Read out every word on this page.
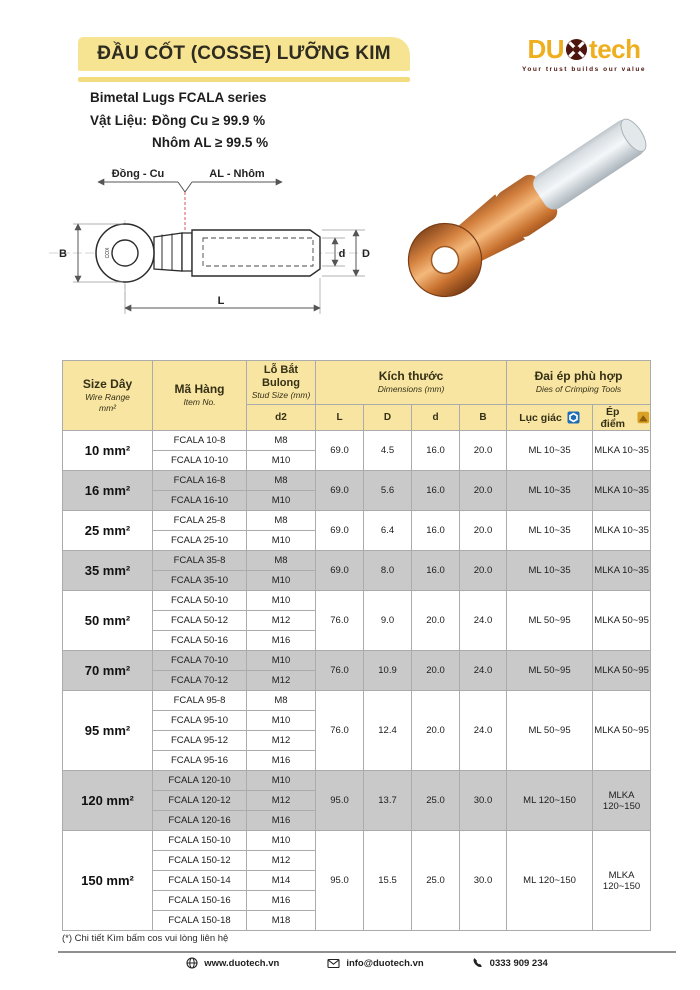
ĐẦU CỐT (COSSE) LƯỠNG KIM	DU tech
Your trust builds our value
Bimetal Lugs FCALA series
Vật Liệu: Đồng Cu ≥ 99.9 %
Nhôm AL ≥ 99.5 %
Đồng - Cu	AL - Nhôm
COX
B	d D
L
Size Dây
Wire Range
mm²

Mã Hàng
Item No.

Lỗ Bắt Bulong
Stud Size (mm)

Kích thước
Dimensions (mm)

Đai ép phù hợp
Dies of Crimping Tools

		d2	L	D	d	B	Lục giác	Ép điểm

10 mm²	FCALA 10-8	M8	69.0	4.5	16.0	20.0	ML 10~35	MLKA 10~35
	FCALA 10-10	M10						
16 mm²	FCALA 16-8	M8	69.0	5.6	16.0	20.0	ML 10~35	MLKA 10~35
	FCALA 16-10	M10						
25 mm²	FCALA 25-8	M8	69.0	6.4	16.0	20.0	ML 10~35	MLKA 10~35
	FCALA 25-10	M10						
35 mm²	FCALA 35-8	M8	69.0	8.0	16.0	20.0	ML 10~35	MLKA 10~35
	FCALA 35-10	M10						
50 mm²	FCALA 50-10	M10	76.0	9.0	20.0	24.0	ML 50~95	MLKA 50~95
	FCALA 50-12	M12						
	FCALA 50-16	M16						
70 mm²	FCALA 70-10	M10	76.0	10.9	20.0	24.0	ML 50~95	MLKA 50~95
	FCALA 70-12	M12						
95 mm²	FCALA 95-8	M8	76.0	12.4	20.0	24.0	ML 50~95	MLKA 50~95
	FCALA 95-10	M10						
	FCALA 95-12	M12						
	FCALA 95-16	M16						
120 mm²	FCALA 120-10	M10	95.0	13.7	25.0	30.0	ML 120~150	MLKA 120~150
	FCALA 120-12	M12						
	FCALA 120-16	M16						
150 mm²	FCALA 150-10	M10	95.0	15.5	25.0	30.0	ML 120~150	MLKA 120~150
	FCALA 150-12	M12						
	FCALA 150-14	M14						
	FCALA 150-16	M16						
	FCALA 150-18	M18						
(*) Chi tiết Kìm bấm cos vui lòng liên hệ
www.duotech.vn	info@duotech.vn	0333 909 234
